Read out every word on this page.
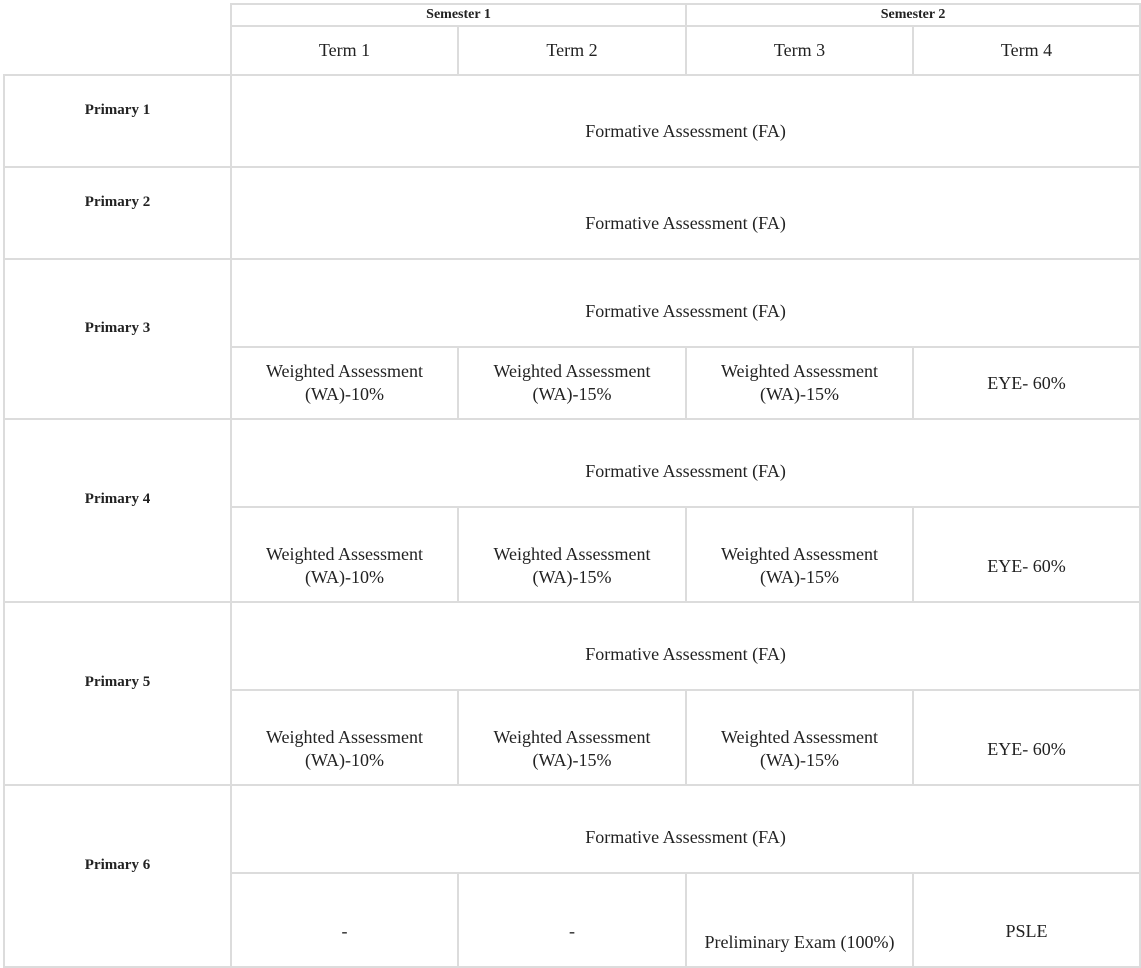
	Semester 1		Semester 2	
	Term 1	Term 2	Term 3	Term 4
Primary 1	Formative Assessment (FA)			
Primary 2	Formative Assessment (FA)			
Primary 3	Formative Assessment (FA)			
	Weighted Assessment (WA)-10%	Weighted Assessment (WA)-15%	Weighted Assessment (WA)-15%	EYE- 60%
Primary 4	Formative Assessment (FA)			
	Weighted Assessment (WA)-10%	Weighted Assessment (WA)-15%	Weighted Assessment (WA)-15%	EYE- 60%
Primary 5	Formative Assessment (FA)			
	Weighted Assessment (WA)-10%	Weighted Assessment (WA)-15%	Weighted Assessment (WA)-15%	EYE- 60%
Primary 6	Formative Assessment (FA)			
	-	-	Preliminary Exam (100%)	PSLE
